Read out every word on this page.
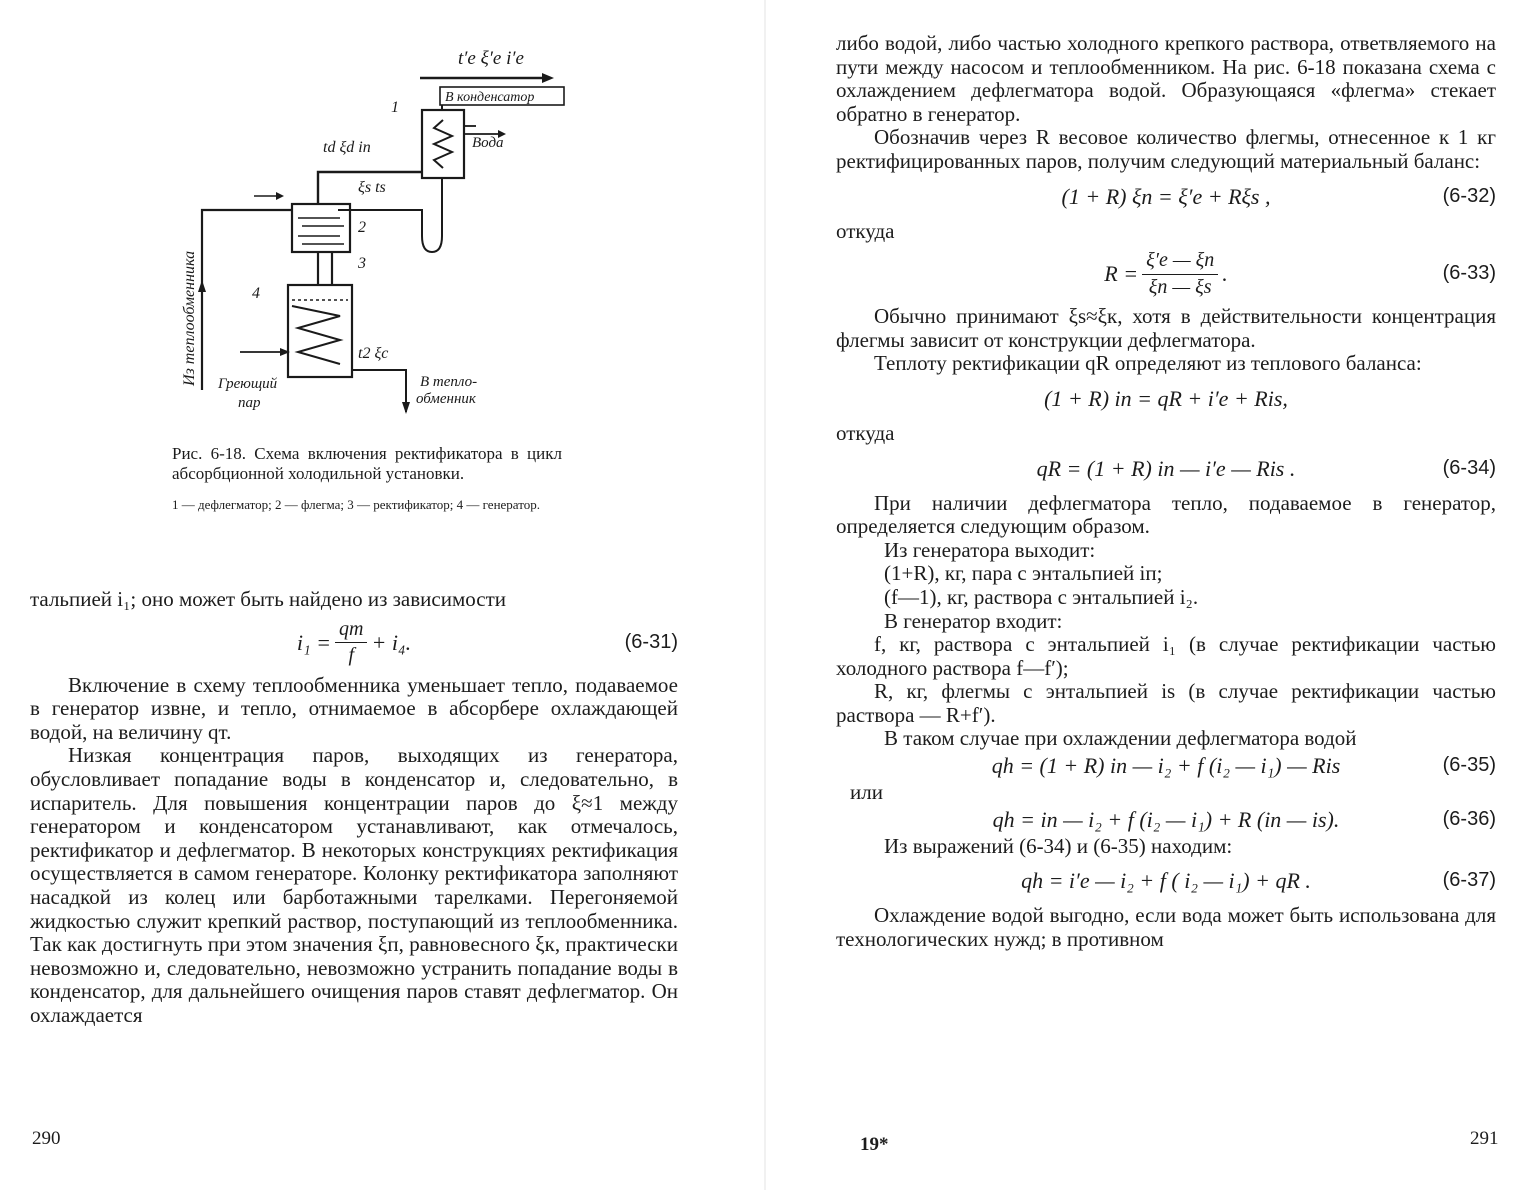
t′e ξ′e i′e
В конденсатор
1
Вода
td ξd in
ξs ts
2
3
4
t2 ξc
Греющий
пар
В тепло-
обменник
Из теплообменника
Рис. 6-18. Схема включения ректификатора в цикл абсорбционной холодильной установки.
1 — дефлегматор; 2 — флегма; 3 — ректификатор; 4 — генератор.

тальпией i₁; оно может быть найдено из зависимости

$i_1 = \frac{qт}{f} + i_4$.	(6-31)

Включение в схему теплообменника уменьшает тепло, подаваемое в генератор извне, и тепло, отнимаемое в абсорбере охлаждающей водой, на величину qт.

Низкая концентрация паров, выходящих из генератора, обусловливает попадание воды в конденсатор и, следовательно, в испаритель. Для повышения концентрации паров до ξ≈1 между генератором и конденсатором устанавливают, как отмечалось, ректификатор и дефлегматор. В некоторых конструкциях ректификация осуществляется в самом генераторе. Колонку ректификатора заполняют насадкой из колец или барботажными тарелками. Перегоняемой жидкостью служит крепкий раствор, поступающий из теплообменника. Так как достигнуть при этом значения ξп, равновесного ξк, практически невозможно и, следовательно, невозможно устранить попадание воды в конденсатор, для дальнейшего очищения паров ставят дефлегматор. Он охлаждается

290

либо водой, либо частью холодного крепкого раствора, ответвляемого на пути между насосом и теплообменником. На рис. 6-18 показана схема с охлаждением дефлегматора водой. Образующаяся «флегма» стекает обратно в генератор.

Обозначив через R весовое количество флегмы, отнесенное к 1 кг ректифицированных паров, получим следующий материальный баланс:

(1 + R) ξп = ξ′e + Rξs ,	(6-32)

откуда

$R = \frac{\xi'e — \xi п}{\xi п — \xi s}$ .	(6-33)

Обычно принимают ξs≈ξк, хотя в действительности концентрация флегмы зависит от конструкции дефлегматора.

Теплоту ректификации qR определяют из теплового баланса:

(1 + R) iп = qR + i′e + Ris,

откуда

qR = (1 + R) iп — i′e — Ris .	(6-34)

При наличии дефлегматора тепло, подаваемое в генератор, определяется следующим образом.

Из генератора выходит:

(1+R), кг, пара с энтальпией iп;

(f—1), кг, раствора с энтальпией i₂.

В генератор входит:

f, кг, раствора с энтальпией i₁ (в случае ректификации частью холодного раствора f—f′);

R, кг, флегмы с энтальпией is (в случае ректификации частью раствора — R+f′).

В таком случае при охлаждении дефлегматора водой

qh = (1 + R) iп — i₂ + f (i₂ — i₁) — Ris	(6-35)

или

qh = iп — i₂ + f (i₂ — i₁) + R (iп — is).	(6-36)

Из выражений (6-34) и (6-35) находим:

qh = i′e — i₂ + f ( i₂ — i₁) + qR .	(6-37)

Охлаждение водой выгодно, если вода может быть использована для технологических нужд; в противном

19*	291
